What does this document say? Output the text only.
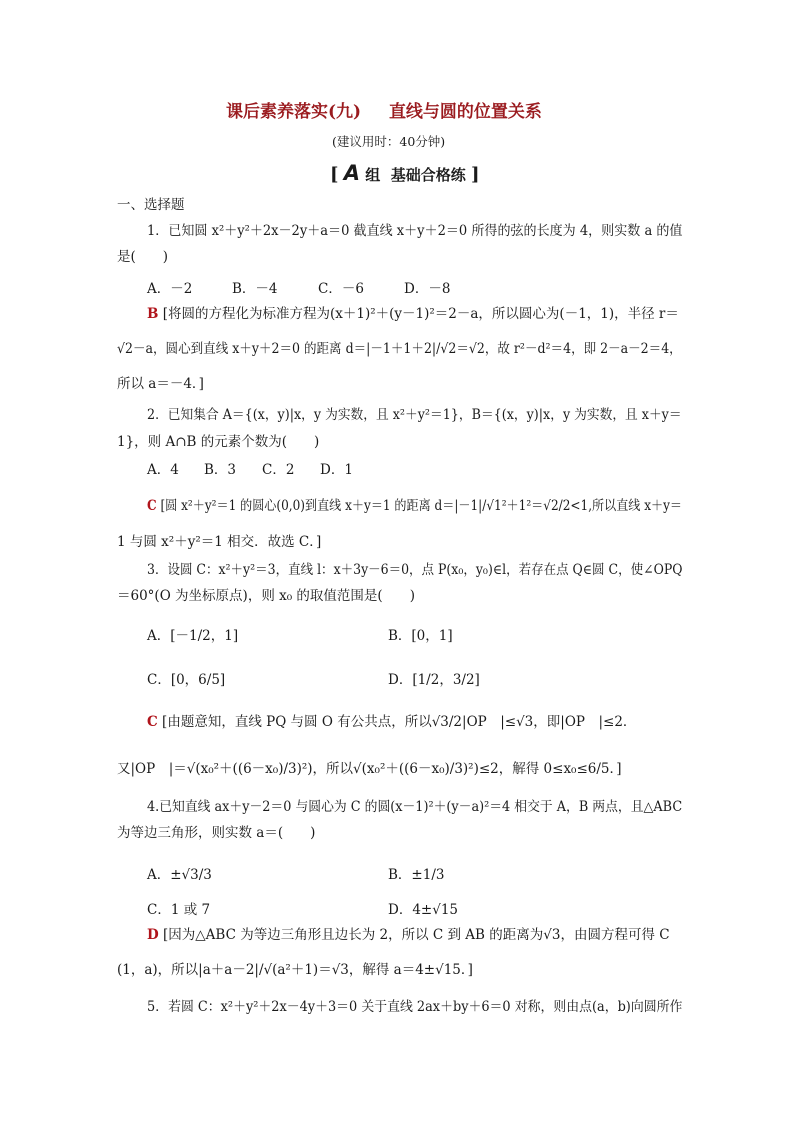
课后素养落实(九) 直线与圆的位置关系
(建议用时：40分钟)
[ A 组  基础合格练 ]
一、选择题
1．已知圆 x²＋y²＋2x－2y＋a＝0 截直线 x＋y＋2＝0 所得的弦的长度为 4，则实数 a 的值
是(　　)
A．－2	B．－4	C．－6	D．－8
B [将圆的方程化为标准方程为(x＋1)²＋(y－1)²＝2－a，所以圆心为(－1，1)，半径 r＝
√2－a，圆心到直线 x＋y＋2＝0 的距离 d＝|－1＋1＋2|/√2＝√2，故 r²－d²＝4，即 2－a－2＝4，
所以 a＝－4．]
2．已知集合 A＝{(x，y)|x，y 为实数，且 x²＋y²＝1}，B＝{(x，y)|x，y 为实数，且 x＋y＝
1}，则 A∩B 的元素个数为(　　)
A．4 B．3 C．2 D．1
C [圆 x²＋y²＝1 的圆心(0,0)到直线 x＋y＝1 的距离 d＝|－1|/√1²＋1²＝√2/2<1,所以直线 x＋y＝
1 与圆 x²＋y²＝1 相交．故选 C．]
3．设圆 C：x²＋y²＝3，直线 l：x＋3y－6＝0，点 P(x₀，y₀)∈l，若存在点 Q∈圆 C，使∠OPQ
＝60°(O 为坐标原点)，则 x₀ 的取值范围是(　　)
A．[－1/2，1]	B．[0，1]
C．[0，6/5]	D．[1/2，3/2]
C [由题意知，直线 PQ 与圆 O 有公共点，所以√3/2|OP　|≤√3，即|OP　|≤2．
又|OP　|＝√(x₀²＋((6－x₀)/3)²)，所以√(x₀²＋((6－x₀)/3)²)≤2，解得 0≤x₀≤6/5．]
4.已知直线 ax＋y－2＝0 与圆心为 C 的圆(x－1)²＋(y－a)²＝4 相交于 A，B 两点，且△ABC
为等边三角形，则实数 a＝(　　)
A．±√3/3	B．±1/3
C．1 或 7	D．4±√15
D [因为△ABC 为等边三角形且边长为 2，所以 C 到 AB 的距离为√3，由圆方程可得 C
(1，a)，所以|a＋a－2|/√(a²＋1)＝√3，解得 a＝4±√15．]
5．若圆 C：x²＋y²＋2x－4y＋3＝0 关于直线 2ax＋by＋6＝0 对称，则由点(a，b)向圆所作
